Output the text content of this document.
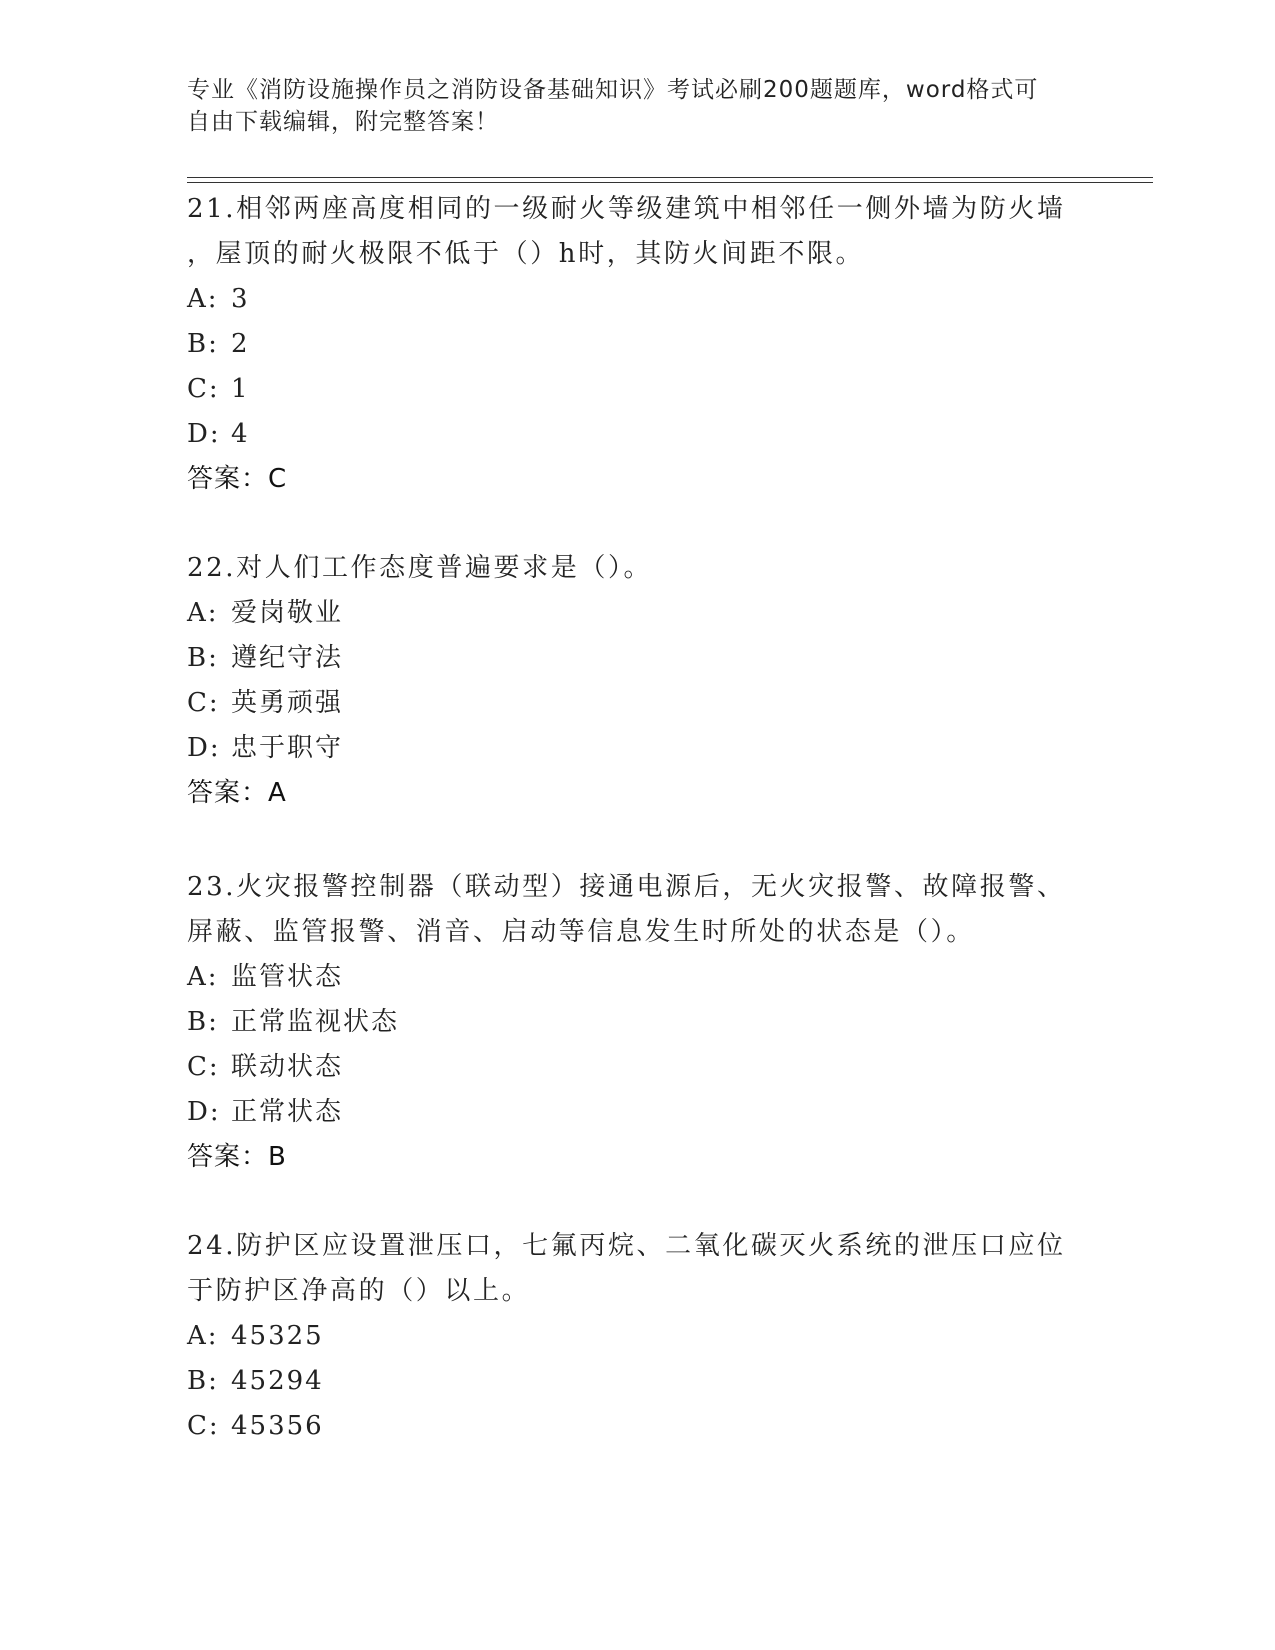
专业《消防设施操作员之消防设备基础知识》考试必刷200题题库，word格式可
自由下载编辑，附完整答案！
21.相邻两座高度相同的一级耐火等级建筑中相邻任一侧外墙为防火墙
，屋顶的耐火极限不低于（）h时，其防火间距不限。
A: 3
B: 2
C: 1
D: 4
答案：C
22.对人们工作态度普遍要求是（）。
A: 爱岗敬业
B: 遵纪守法
C: 英勇顽强
D: 忠于职守
答案：A
23.火灾报警控制器（联动型）接通电源后，无火灾报警、故障报警、
屏蔽、监管报警、消音、启动等信息发生时所处的状态是（）。
A: 监管状态
B: 正常监视状态
C: 联动状态
D: 正常状态
答案：B
24.防护区应设置泄压口，七氟丙烷、二氧化碳灭火系统的泄压口应位
于防护区净高的（）以上。
A: 45325
B: 45294
C: 45356
